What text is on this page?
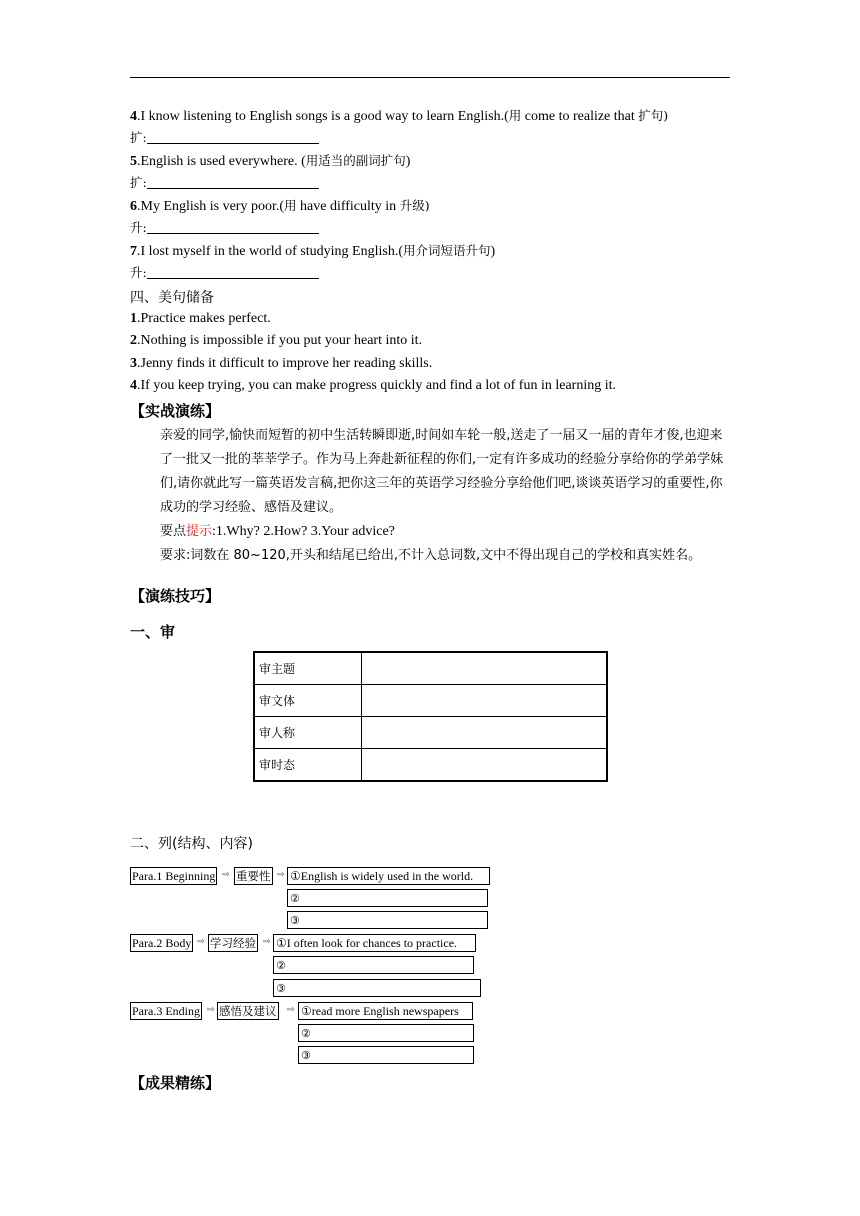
4.I know listening to English songs is a good way to learn English.(用 come to realize that 扩句)
扩:
5.English is used everywhere. (用适当的副词扩句)
扩:
6.My English is very poor.(用 have difficulty in 升级)
升:
7.I lost myself in the world of studying English.(用介词短语升句)
升:
四、美句储备
1.Practice makes perfect.
2.Nothing is impossible if you put your heart into it.
3.Jenny finds it difficult to improve her reading skills.
4.If you keep trying, you can make progress quickly and find a lot of fun in learning it.
【实战演练】
亲爱的同学,愉快而短暂的初中生活转瞬即逝,时间如车轮一般,送走了一届又一届的青年才俊,也迎来了一批又一批的莘莘学子。作为马上奔赴新征程的你们,一定有许多成功的经验分享给你的学弟学妹们,请你就此写一篇英语发言稿,把你这三年的英语学习经验分享给他们吧,谈谈英语学习的重要性,你成功的学习经验、感悟及建议。
要点提示:1.Why? 2.How? 3.Your advice?
要求:词数在 80~120,开头和结尾已给出,不计入总词数,文中不得出现自己的学校和真实姓名。
【演练技巧】
一、审
审主题	
审文体	
审人称	
审时态	
二、列(结构、内容)
Para.1 Beginning ⇨ 重要性 ⇨ ①English is widely used in the world.
②
③
Para.2 Body ⇨ 学习经验 ⇨ ①I often look for chances to practice.
②
③
Para.3 Ending ⇨ 感悟及建议 ⇨ ①read more English newspapers
②
③
【成果精练】
